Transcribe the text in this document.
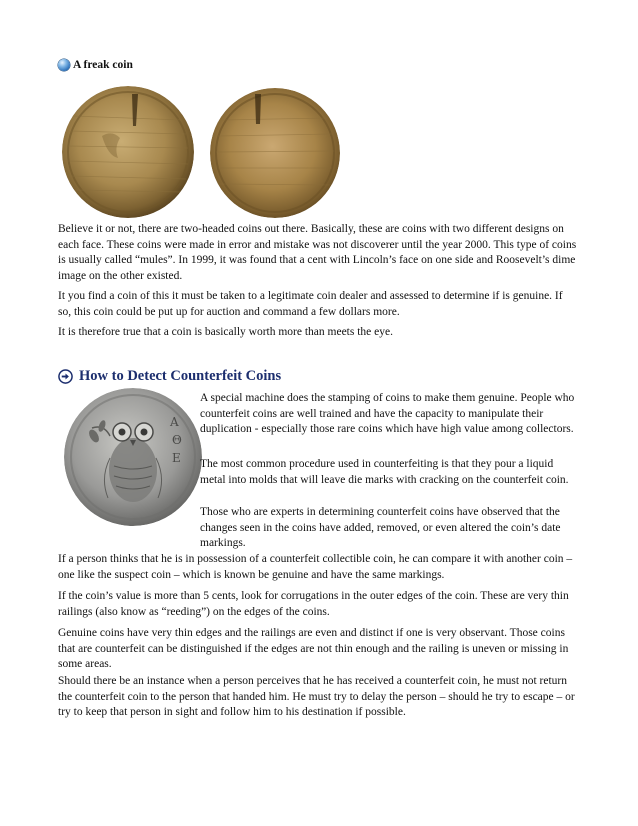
A freak coin
Believe it or not, there are two-headed coins out there. Basically, these are coins with two different designs on each face. These coins were made in error and mistake was not discoverer until the year 2000. This type of coins is usually called “mules”. In 1999, it was found that a cent with Lincoln’s face on one side and Roosevelt’s dime image on the other existed.
It you find a coin of this it must be taken to a legitimate coin dealer and assessed to determine if is genuine. If so, this coin could be put up for auction and command a few dollars more.
It is therefore true that a coin is basically worth more than meets the eye.
How to Detect Counterfeit Coins
A
Θ
E
A special machine does the stamping of coins to make them genuine. People who counterfeit coins are well trained and have the capacity to manipulate their duplication - especially those rare coins which have high value among collectors.
The most common procedure used in counterfeiting is that they pour a liquid metal into molds that will leave die marks with cracking on the counterfeit coin.
Those who are experts in determining counterfeit coins have observed that the changes seen in the coins have added, removed, or even altered the coin’s date markings.
If a person thinks that he is in possession of a counterfeit collectible coin, he can compare it with another coin – one like the suspect coin – which is known be genuine and have the same markings.
If the coin’s value is more than 5 cents, look for corrugations in the outer edges of the coin. These are very thin railings (also know as “reeding”) on the edges of the coins.
Genuine coins have very thin edges and the railings are even and distinct if one is very observant. Those coins that are counterfeit can be distinguished if the edges are not thin enough and the railing is uneven or missing in some areas.
Should there be an instance when a person perceives that he has received a counterfeit coin, he must not return the counterfeit coin to the person that handed him. He must try to delay the person – should he try to escape – or try to keep that person in sight and follow him to his destination if possible.
